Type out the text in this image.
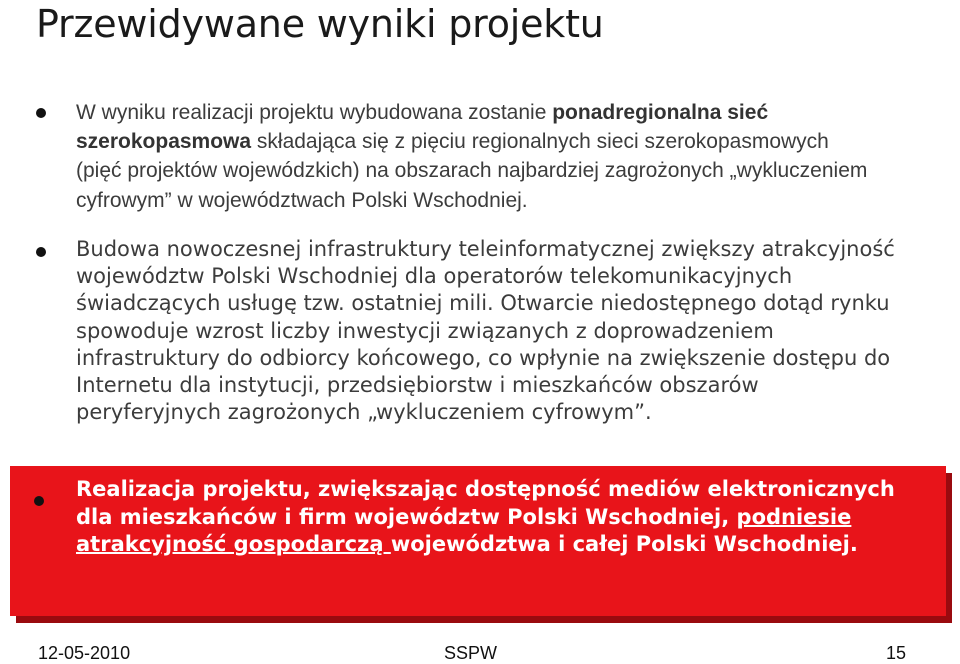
Przewidywane wyniki projektu
W wyniku realizacji projektu wybudowana zostanie ponadregionalna sieć szerokopasmowa składająca się z pięciu regionalnych sieci szerokopasmowych (pięć projektów wojewódzkich) na obszarach najbardziej zagrożonych „wykluczeniem cyfrowym” w województwach Polski Wschodniej.
Budowa nowoczesnej infrastruktury teleinformatycznej zwiększy atrakcyjność województw Polski Wschodniej dla operatorów telekomunikacyjnych świadczących usługę tzw. ostatniej mili. Otwarcie niedostępnego dotąd rynku spowoduje wzrost liczby inwestycji związanych z doprowadzeniem infrastruktury do odbiorcy końcowego, co wpłynie na zwiększenie dostępu do Internetu dla instytucji, przedsiębiorstw i mieszkańców obszarów peryferyjnych zagrożonych „wykluczeniem cyfrowym”.
Realizacja projektu, zwiększając dostępność mediów elektronicznych dla mieszkańców i firm województw Polski Wschodniej, podniesie atrakcyjność gospodarczą województwa i całej Polski Wschodniej.
12-05-2010	SSPW	15
